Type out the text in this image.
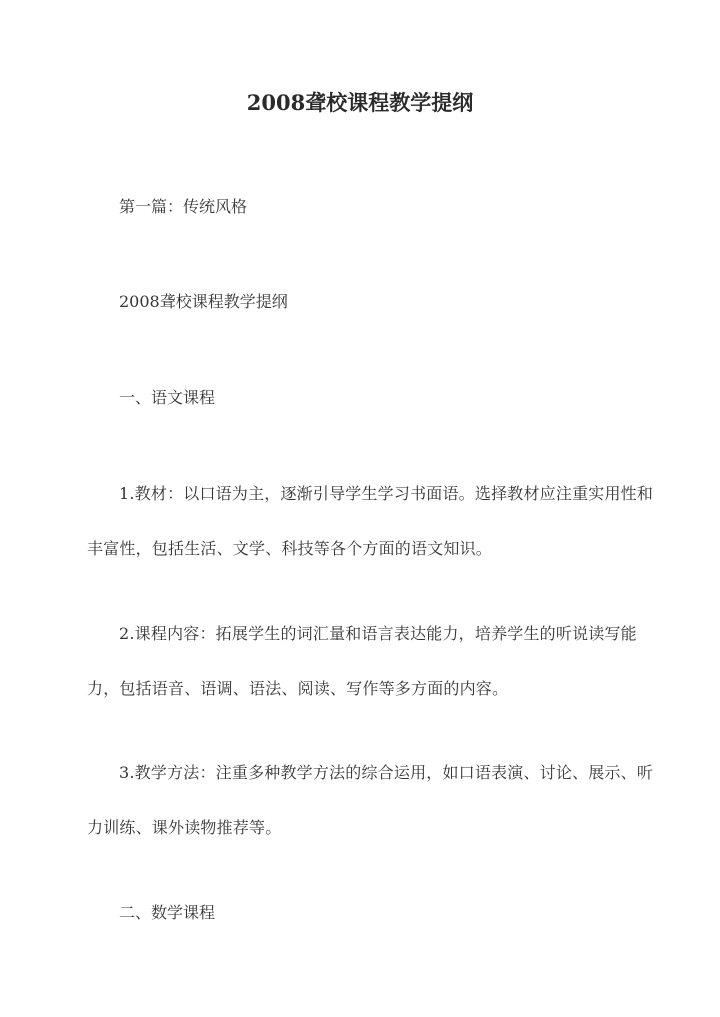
2008聋校课程教学提纲

第一篇：传统风格

2008聋校课程教学提纲

一、语文课程

1.教材：以口语为主，逐渐引导学生学习书面语。选择教材应注重实用性和丰富性，包括生活、文学、科技等各个方面的语文知识。

2.课程内容：拓展学生的词汇量和语言表达能力，培养学生的听说读写能力，包括语音、语调、语法、阅读、写作等多方面的内容。

3.教学方法：注重多种教学方法的综合运用，如口语表演、讨论、展示、听力训练、课外读物推荐等。

二、数学课程
